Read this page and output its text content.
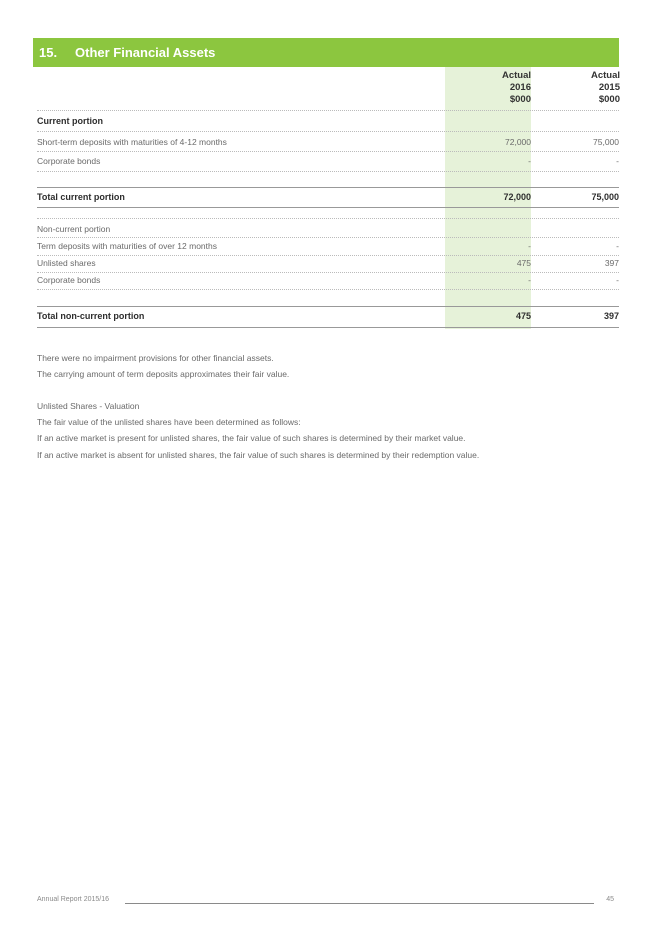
15.	Other Financial Assets
Actual
2016
$000
Actual
2015
$000
Current portion
Short-term deposits with maturities of 4-12 months	72,000	75,000
Corporate bonds	-	-
Total current portion	72,000	75,000
Non-current portion
Term deposits with maturities of over 12 months	-	-
Unlisted shares	475	397
Corporate bonds	-	-
Total non-current portion	475	397
There were no impairment provisions for other financial assets.
The carrying amount of term deposits approximates their fair value.
Unlisted Shares - Valuation
The fair value of the unlisted shares have been determined as follows:
If an active market is present for unlisted shares, the fair value of such shares is determined by their market value.
If an active market is absent for unlisted shares, the fair value of such shares is determined by their redemption value.
Annual Report 2015/16	45
